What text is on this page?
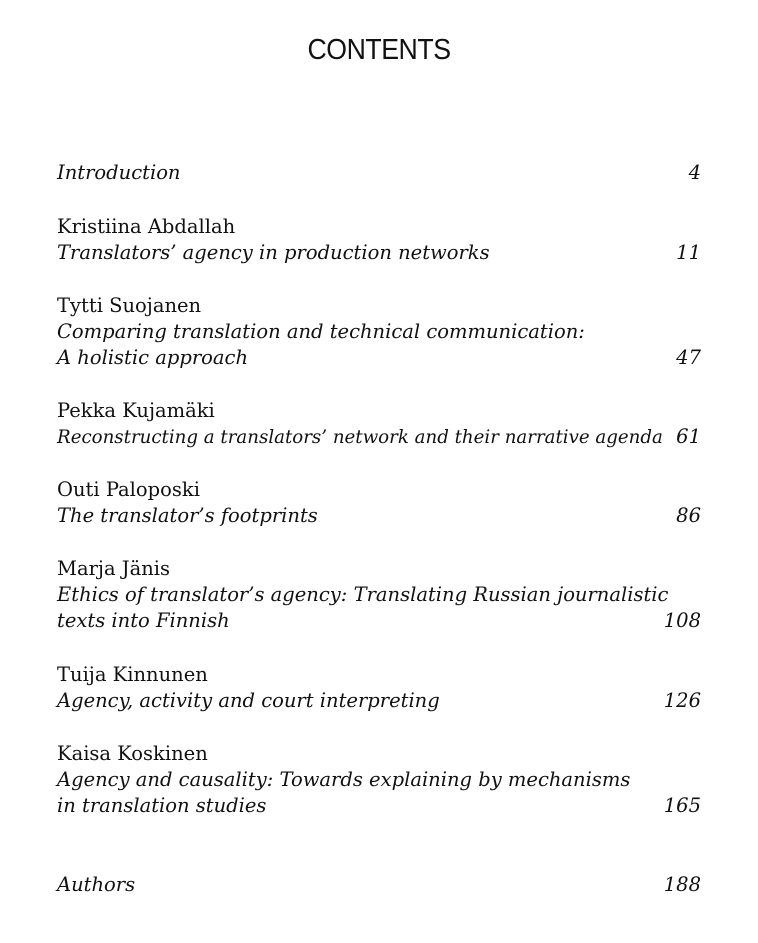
CONTENTS
Introduction	4
Kristiina Abdallah
Translators’ agency in production networks	11
Tytti Suojanen
Comparing translation and technical communication:
A holistic approach	47
Pekka Kujamäki
Reconstructing a translators’ network and their narrative agenda 61
Outi Paloposki
The translator’s footprints	86
Marja Jänis
Ethics of translator’s agency: Translating Russian journalistic
texts into Finnish	108
Tuija Kinnunen
Agency, activity and court interpreting	126
Kaisa Koskinen
Agency and causality: Towards explaining by mechanisms
in translation studies	165
Authors	188
